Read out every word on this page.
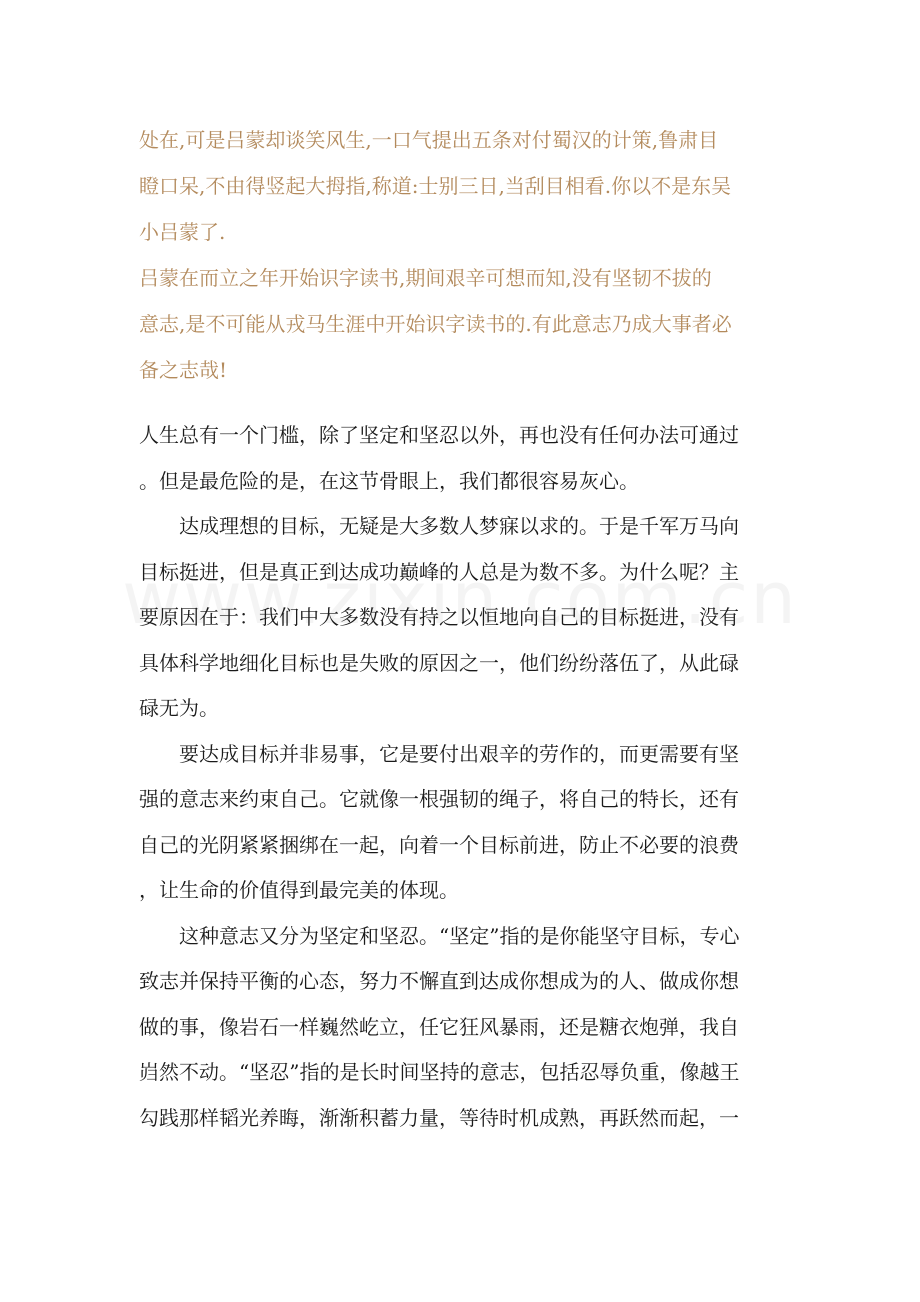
处在,可是吕蒙却谈笑风生,一口气提出五条对付蜀汉的计策,鲁肃目
瞪口呆,不由得竖起大拇指,称道:士别三日,当刮目相看.你以不是东吴
小吕蒙了.
吕蒙在而立之年开始识字读书,期间艰辛可想而知,没有坚韧不拔的
意志,是不可能从戎马生涯中开始识字读书的.有此意志乃成大事者必
备之志哉!
人生总有一个门槛，除了坚定和坚忍以外，再也没有任何办法可通过
。但是最危险的是，在这节骨眼上，我们都很容易灰心。
　　达成理想的目标，无疑是大多数人梦寐以求的。于是千军万马向
目标挺进，但是真正到达成功巅峰的人总是为数不多。为什么呢？主
要原因在于：我们中大多数没有持之以恒地向自己的目标挺进，没有
具体科学地细化目标也是失败的原因之一，他们纷纷落伍了，从此碌
碌无为。
　　要达成目标并非易事，它是要付出艰辛的劳作的，而更需要有坚
强的意志来约束自己。它就像一根强韧的绳子，将自己的特长，还有
自己的光阴紧紧捆绑在一起，向着一个目标前进，防止不必要的浪费
，让生命的价值得到最完美的体现。
　　这种意志又分为坚定和坚忍。“坚定”指的是你能坚守目标，专心
致志并保持平衡的心态，努力不懈直到达成你想成为的人、做成你想
做的事，像岩石一样巍然屹立，任它狂风暴雨，还是糖衣炮弹，我自
岿然不动。“坚忍”指的是长时间坚持的意志，包括忍辱负重，像越王
勾践那样韬光养晦，渐渐积蓄力量，等待时机成熟，再跃然而起，一
